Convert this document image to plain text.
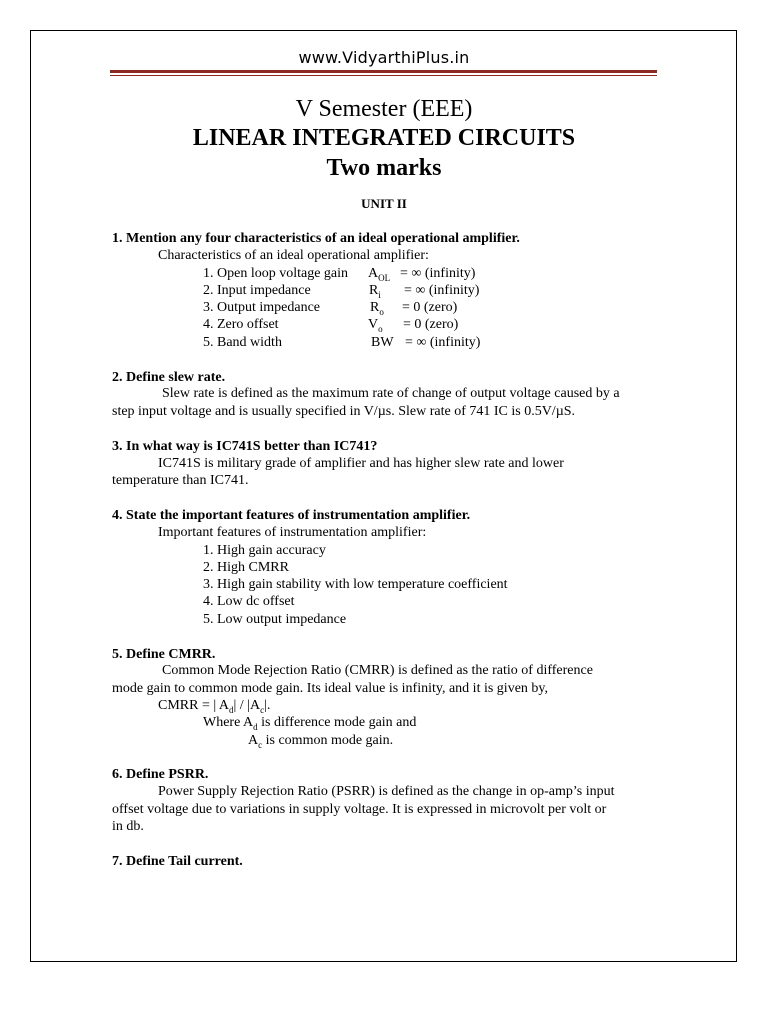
www.VidyarthiPlus.in
V Semester (EEE)
LINEAR INTEGRATED CIRCUITS
Two marks
UNIT II
1. Mention any four characteristics of an ideal operational amplifier.
Characteristics of an ideal operational amplifier:
1. Open loop voltage gain $A_{OL}$ = ∞ (infinity)
2. Input impedance	$R_i$ = ∞ (infinity)
3. Output impedance	$R_o = 0$ (zero)
4. Zero offset	$V_o = 0$ (zero)
5. Band width	BW = ∞ (infinity)
2. Define slew rate.
Slew rate is defined as the maximum rate of change of output voltage caused by a
step input voltage and is usually specified in V/µs. Slew rate of 741 IC is 0.5V/µS.
3. In what way is IC741S better than IC741?
IC741S is military grade of amplifier and has higher slew rate and lower
temperature than IC741.
4. State the important features of instrumentation amplifier.
Important features of instrumentation amplifier:
1. High gain accuracy
2. High CMRR
3. High gain stability with low temperature coefficient
4. Low dc offset
5. Low output impedance
5. Define CMRR.
Common Mode Rejection Ratio (CMRR) is defined as the ratio of difference
mode gain to common mode gain. Its ideal value is infinity, and it is given by,
CMRR = | $A_d| / |A_c|$.
Where $A_d$ is difference mode gain and
$A_c$ is common mode gain.
6. Define PSRR.
Power Supply Rejection Ratio (PSRR) is defined as the change in op-amp’s input
offset voltage due to variations in supply voltage. It is expressed in microvolt per volt or
in db.
7. Define Tail current.
